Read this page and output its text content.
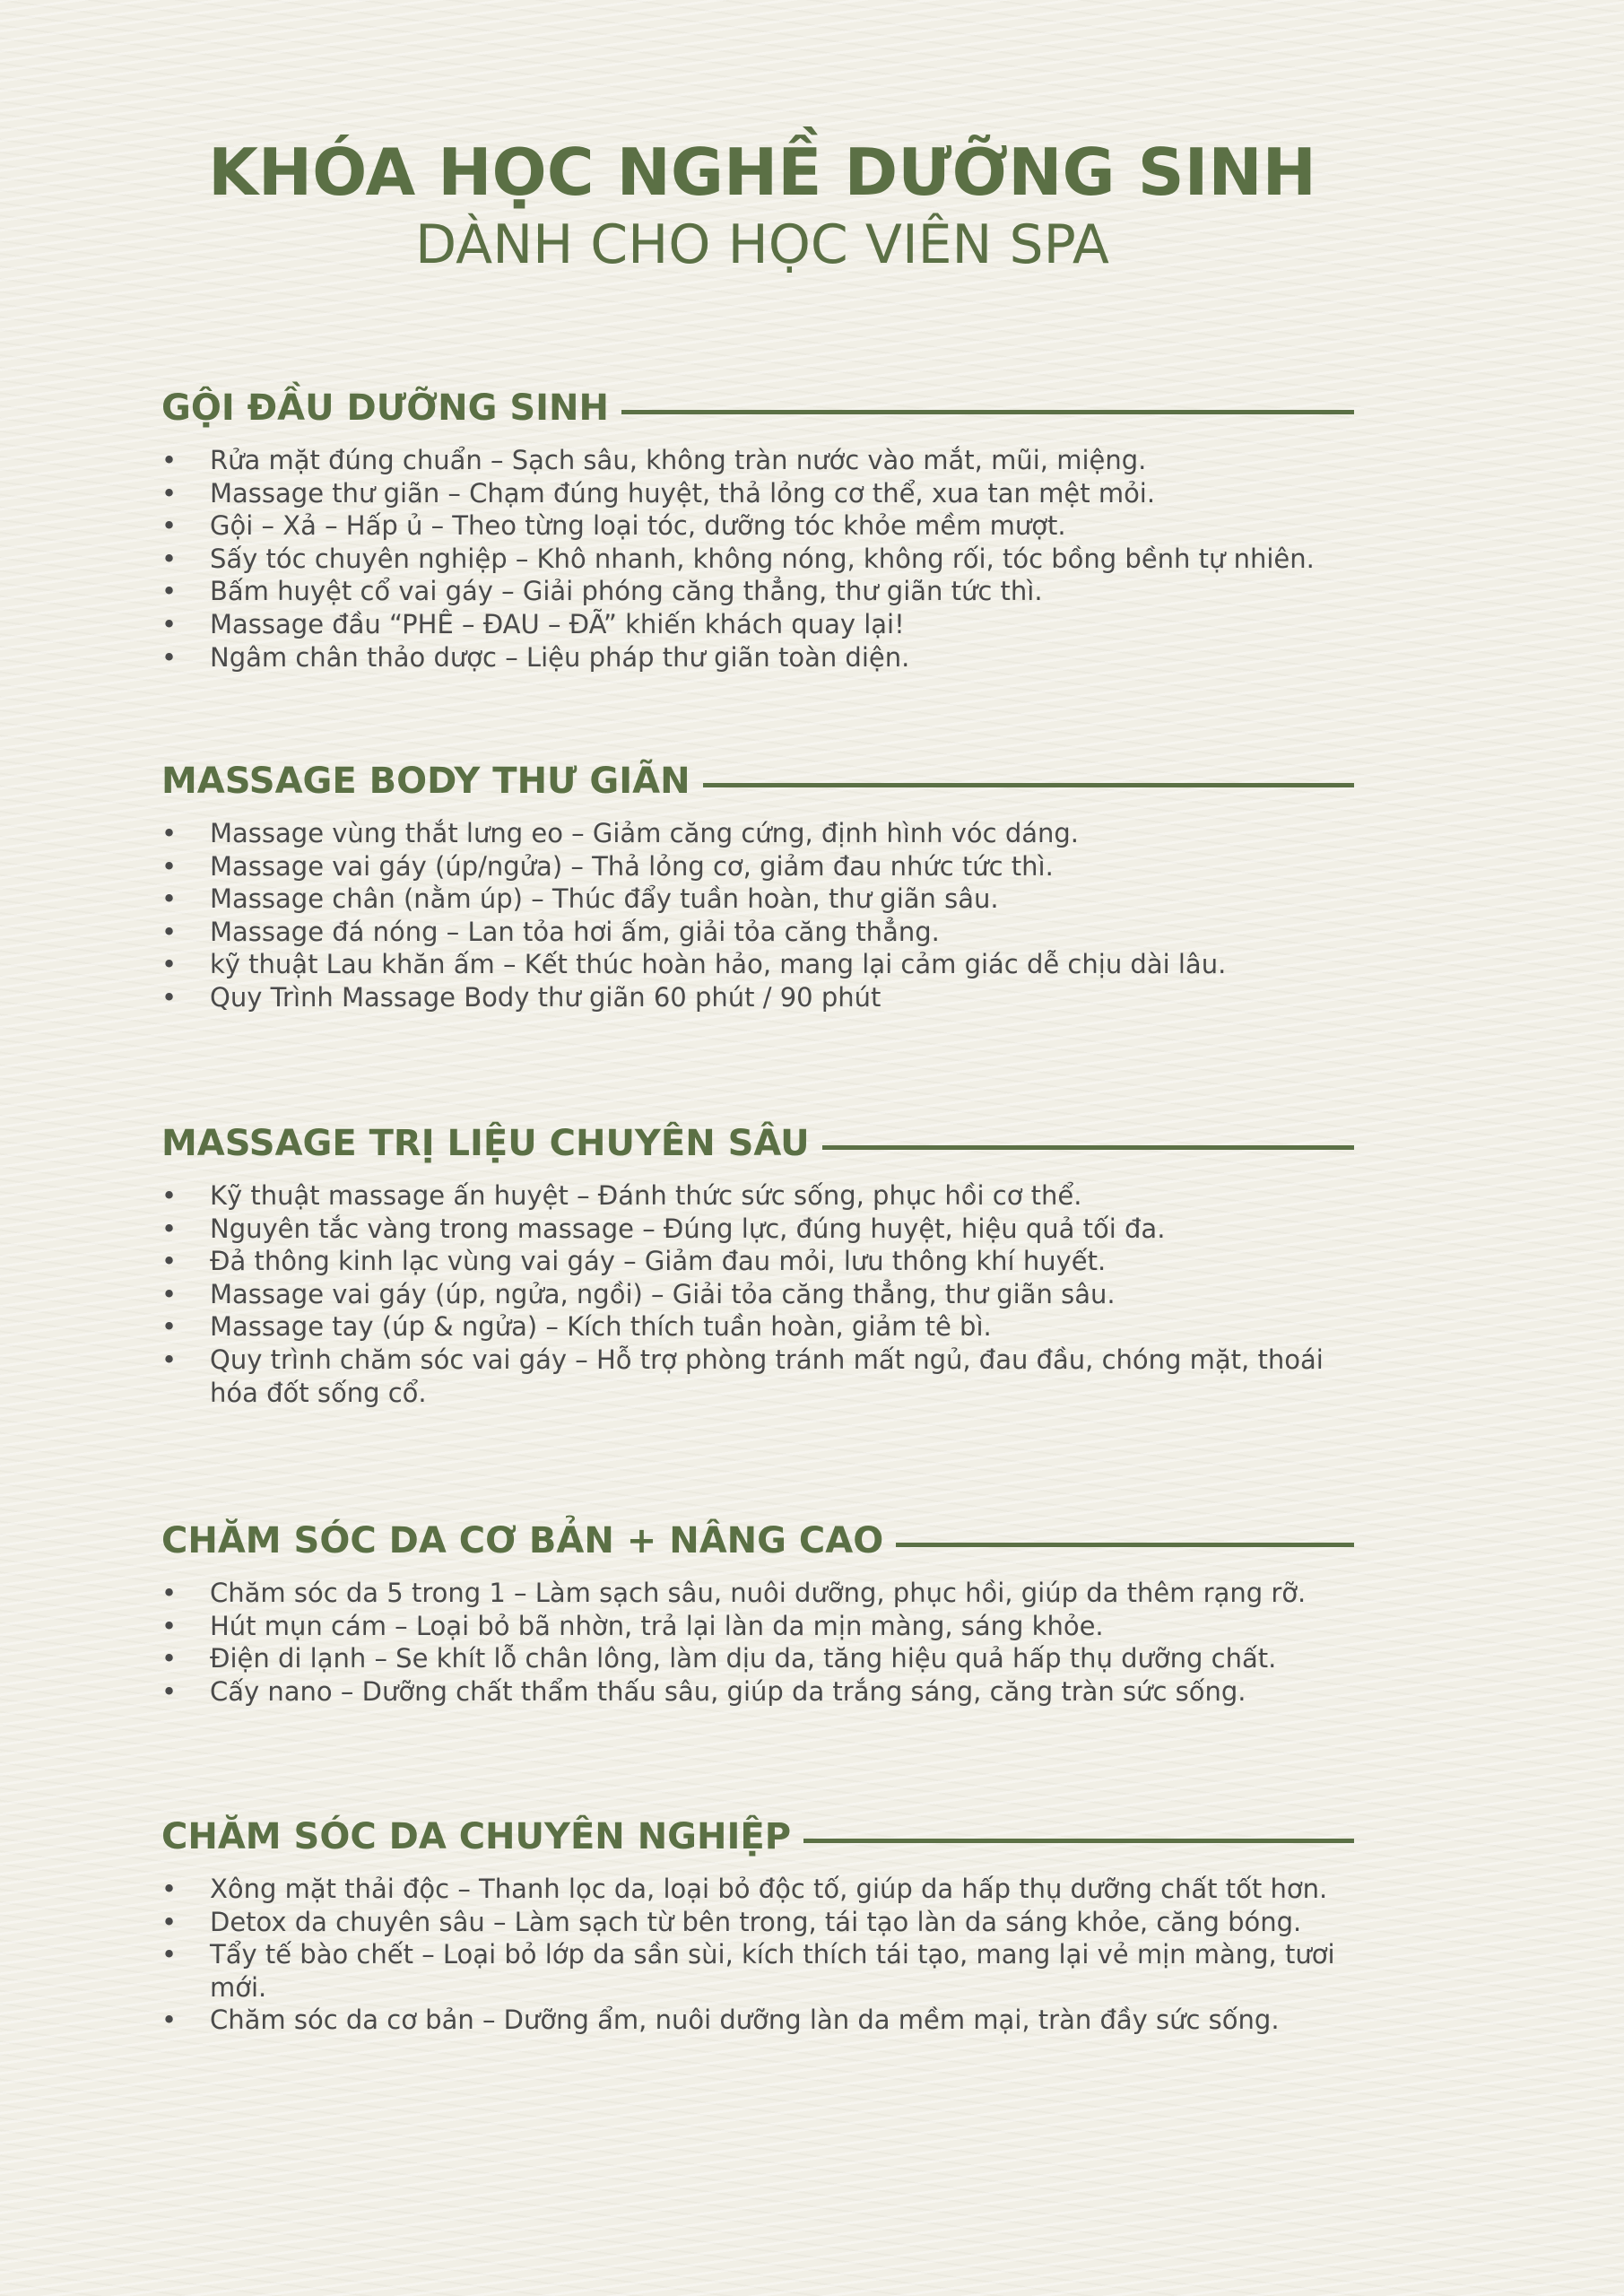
KHÓA HỌC NGHỀ DƯỠNG SINH
DÀNH CHO HỌC VIÊN SPA
GỘI ĐẦU DƯỠNG SINH
• Rửa mặt đúng chuẩn – Sạch sâu, không tràn nước vào mắt, mũi, miệng.
• Massage thư giãn – Chạm đúng huyệt, thả lỏng cơ thể, xua tan mệt mỏi.
• Gội – Xả – Hấp ủ – Theo từng loại tóc, dưỡng tóc khỏe mềm mượt.
• Sấy tóc chuyên nghiệp – Khô nhanh, không nóng, không rối, tóc bồng bềnh tự nhiên.
• Bấm huyệt cổ vai gáy – Giải phóng căng thẳng, thư giãn tức thì.
• Massage đầu “PHÊ – ĐAU – ĐÃ” khiến khách quay lại!
• Ngâm chân thảo dược – Liệu pháp thư giãn toàn diện.
MASSAGE BODY THƯ GIÃN
• Massage vùng thắt lưng eo – Giảm căng cứng, định hình vóc dáng.
• Massage vai gáy (úp/ngửa) – Thả lỏng cơ, giảm đau nhức tức thì.
• Massage chân (nằm úp) – Thúc đẩy tuần hoàn, thư giãn sâu.
• Massage đá nóng – Lan tỏa hơi ấm, giải tỏa căng thẳng.
• kỹ thuật Lau khăn ấm – Kết thúc hoàn hảo, mang lại cảm giác dễ chịu dài lâu.
• Quy Trình Massage Body thư giãn 60 phút / 90 phút
MASSAGE TRỊ LIỆU CHUYÊN SÂU
• Kỹ thuật massage ấn huyệt – Đánh thức sức sống, phục hồi cơ thể.
• Nguyên tắc vàng trong massage – Đúng lực, đúng huyệt, hiệu quả tối đa.
• Đả thông kinh lạc vùng vai gáy – Giảm đau mỏi, lưu thông khí huyết.
• Massage vai gáy (úp, ngửa, ngồi) – Giải tỏa căng thẳng, thư giãn sâu.
• Massage tay (úp & ngửa) – Kích thích tuần hoàn, giảm tê bì.
• Quy trình chăm sóc vai gáy – Hỗ trợ phòng tránh mất ngủ, đau đầu, chóng mặt, thoái hóa đốt sống cổ.
CHĂM SÓC DA CƠ BẢN + NÂNG CAO
• Chăm sóc da 5 trong 1 – Làm sạch sâu, nuôi dưỡng, phục hồi, giúp da thêm rạng rỡ.
• Hút mụn cám – Loại bỏ bã nhờn, trả lại làn da mịn màng, sáng khỏe.
• Điện di lạnh – Se khít lỗ chân lông, làm dịu da, tăng hiệu quả hấp thụ dưỡng chất.
• Cấy nano – Dưỡng chất thẩm thấu sâu, giúp da trắng sáng, căng tràn sức sống.
CHĂM SÓC DA CHUYÊN NGHIỆP
• Xông mặt thải độc – Thanh lọc da, loại bỏ độc tố, giúp da hấp thụ dưỡng chất tốt hơn.
• Detox da chuyên sâu – Làm sạch từ bên trong, tái tạo làn da sáng khỏe, căng bóng.
• Tẩy tế bào chết – Loại bỏ lớp da sần sùi, kích thích tái tạo, mang lại vẻ mịn màng, tươi mới.
• Chăm sóc da cơ bản – Dưỡng ẩm, nuôi dưỡng làn da mềm mại, tràn đầy sức sống.
